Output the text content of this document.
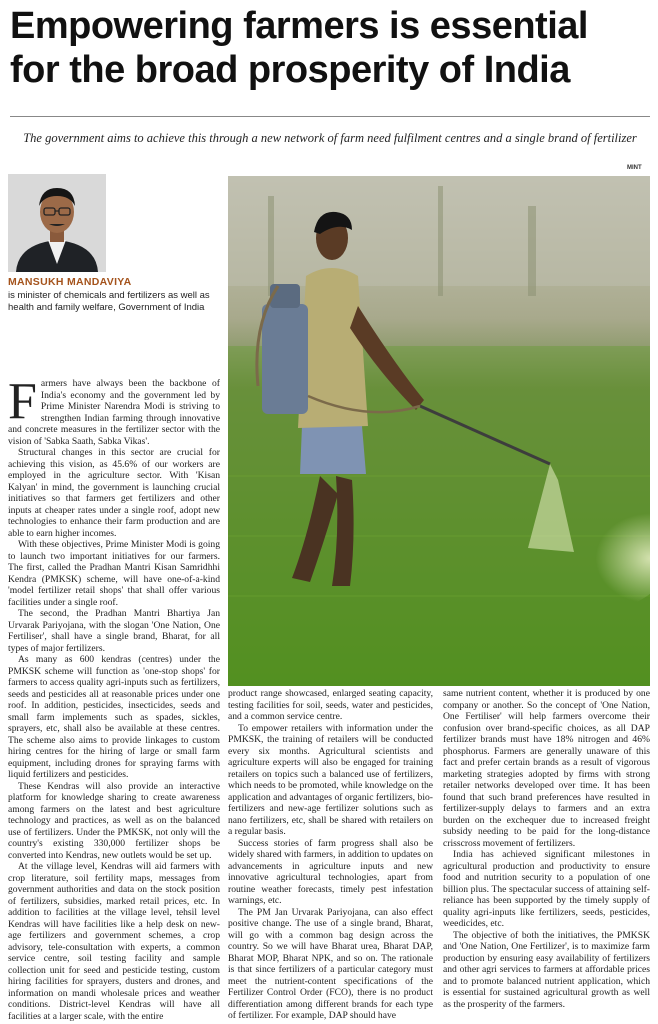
Empowering farmers is essential
for the broad prosperity of India
The government aims to achieve this through a new network of farm need fulfilment centres and a single brand of fertilizer
MINT
MANSUKH MANDAVIYA
is minister of chemicals and fertilizers as well as health and family welfare, Government of India

Farmers have always been the backbone of India's economy and the government led by Prime Minister Narendra Modi is striving to strengthen Indian farming through innovative and concrete measures in the fertilizer sector with the vision of 'Sabka Saath, Sabka Vikas'.

Structural changes in this sector are crucial for achieving this vision, as 45.6% of our workers are employed in the agriculture sector. With 'Kisan Kalyan' in mind, the government is launching crucial initiatives so that farmers get fertilizers and other inputs at cheaper rates under a single roof, adopt new technologies to enhance their farm production and are able to earn higher incomes.

With these objectives, Prime Minister Modi is going to launch two important initiatives for our farmers. The first, called the Pradhan Mantri Kisan Samridhhi Kendra (PMKSK) scheme, will have one-of-a-kind 'model fertilizer retail shops' that shall offer various facilities under a single roof.

The second, the Pradhan Mantri Bhartiya Jan Urvarak Pariyojana, with the slogan 'One Nation, One Fertiliser', shall have a single brand, Bharat, for all types of major fertilizers.

As many as 600 kendras (centres) under the PMKSK scheme will function as 'one-stop shops' for farmers to access quality agri-inputs such as fertilizers, seeds and pesticides all at reasonable prices under one roof. In addition, pesticides, insecticides, seeds and small farm implements such as spades, sickles, sprayers, etc, shall also be available at these centres. The scheme also aims to provide linkages to custom hiring centres for the hiring of large or small farm equipment, including drones for spraying farms with liquid fertilizers and pesticides.

These Kendras will also provide an interactive platform for knowledge sharing to create awareness among farmers on the latest and best agriculture technology and practices, as well as on the balanced use of fertilizers. Under the PMKSK, not only will the country's existing 330,000 fertilizer shops be converted into Kendras, new outlets would be set up.

At the village level, Kendras will aid farmers with crop literature, soil fertility maps, messages from government authorities and data on the stock position of fertilizers, subsidies, marked retail prices, etc. In addition to facilities at the village level, tehsil level Kendras will have facilities like a help desk on new-age fertilizers and government schemes, a crop advisory, tele-consultation with experts, a common service centre, soil testing facility and sample collection unit for seed and pesticide testing, custom hiring facilities for sprayers, dusters and drones, and information on mandi wholesale prices and weather conditions. District-level Kendras will have all facilities at a larger scale, with the entire

product range showcased, enlarged seating capacity, testing facilities for soil, seeds, water and pesticides, and a common service centre.

To empower retailers with information under the PMKSK, the training of retailers will be conducted every six months. Agricultural scientists and agriculture experts will also be engaged for training retailers on topics such a balanced use of fertilizers, which needs to be promoted, while knowledge on the application and advantages of organic fertilizers, bio-fertilizers and new-age fertilizer solutions such as nano fertilizers, etc, shall be shared with retailers on a regular basis.

Success stories of farm progress shall also be widely shared with farmers, in addition to updates on advancements in agriculture inputs and new innovative agricultural technologies, apart from routine weather forecasts, timely pest infestation warnings, etc.

The PM Jan Urvarak Pariyojana, can also effect positive change. The use of a single brand, Bharat, will go with a common bag design across the country. So we will have Bharat urea, Bharat DAP, Bharat MOP, Bharat NPK, and so on. The rationale is that since fertilizers of a particular category must meet the nutrient-content specifications of the Fertilizer Control Order (FCO), there is no product differentiation among different brands for each type of fertilizer. For example, DAP should have

same nutrient content, whether it is produced by one company or another. So the concept of 'One Nation, One Fertiliser' will help farmers overcome their confusion over brand-specific choices, as all DAP fertilizer brands must have 18% nitrogen and 46% phosphorus. Farmers are generally unaware of this fact and prefer certain brands as a result of vigorous marketing strategies adopted by firms with strong retailer networks developed over time. It has been found that such brand preferences have resulted in fertilizer-supply delays to farmers and an extra burden on the exchequer due to increased freight subsidy needing to be paid for the long-distance crisscross movement of fertilizers.

India has achieved significant milestones in agricultural production and productivity to ensure food and nutrition security to a population of one billion plus. The spectacular success of attaining self-reliance has been supported by the timely supply of quality agri-inputs like fertilizers, seeds, pesticides, weedicides, etc.

The objective of both the initiatives, the PMKSK and 'One Nation, One Fertilizer', is to maximize farm production by ensuring easy availability of fertilizers and other agri services to farmers at affordable prices and to promote balanced nutrient application, which is essential for sustained agricultural growth as well as the prosperity of the farmers.
